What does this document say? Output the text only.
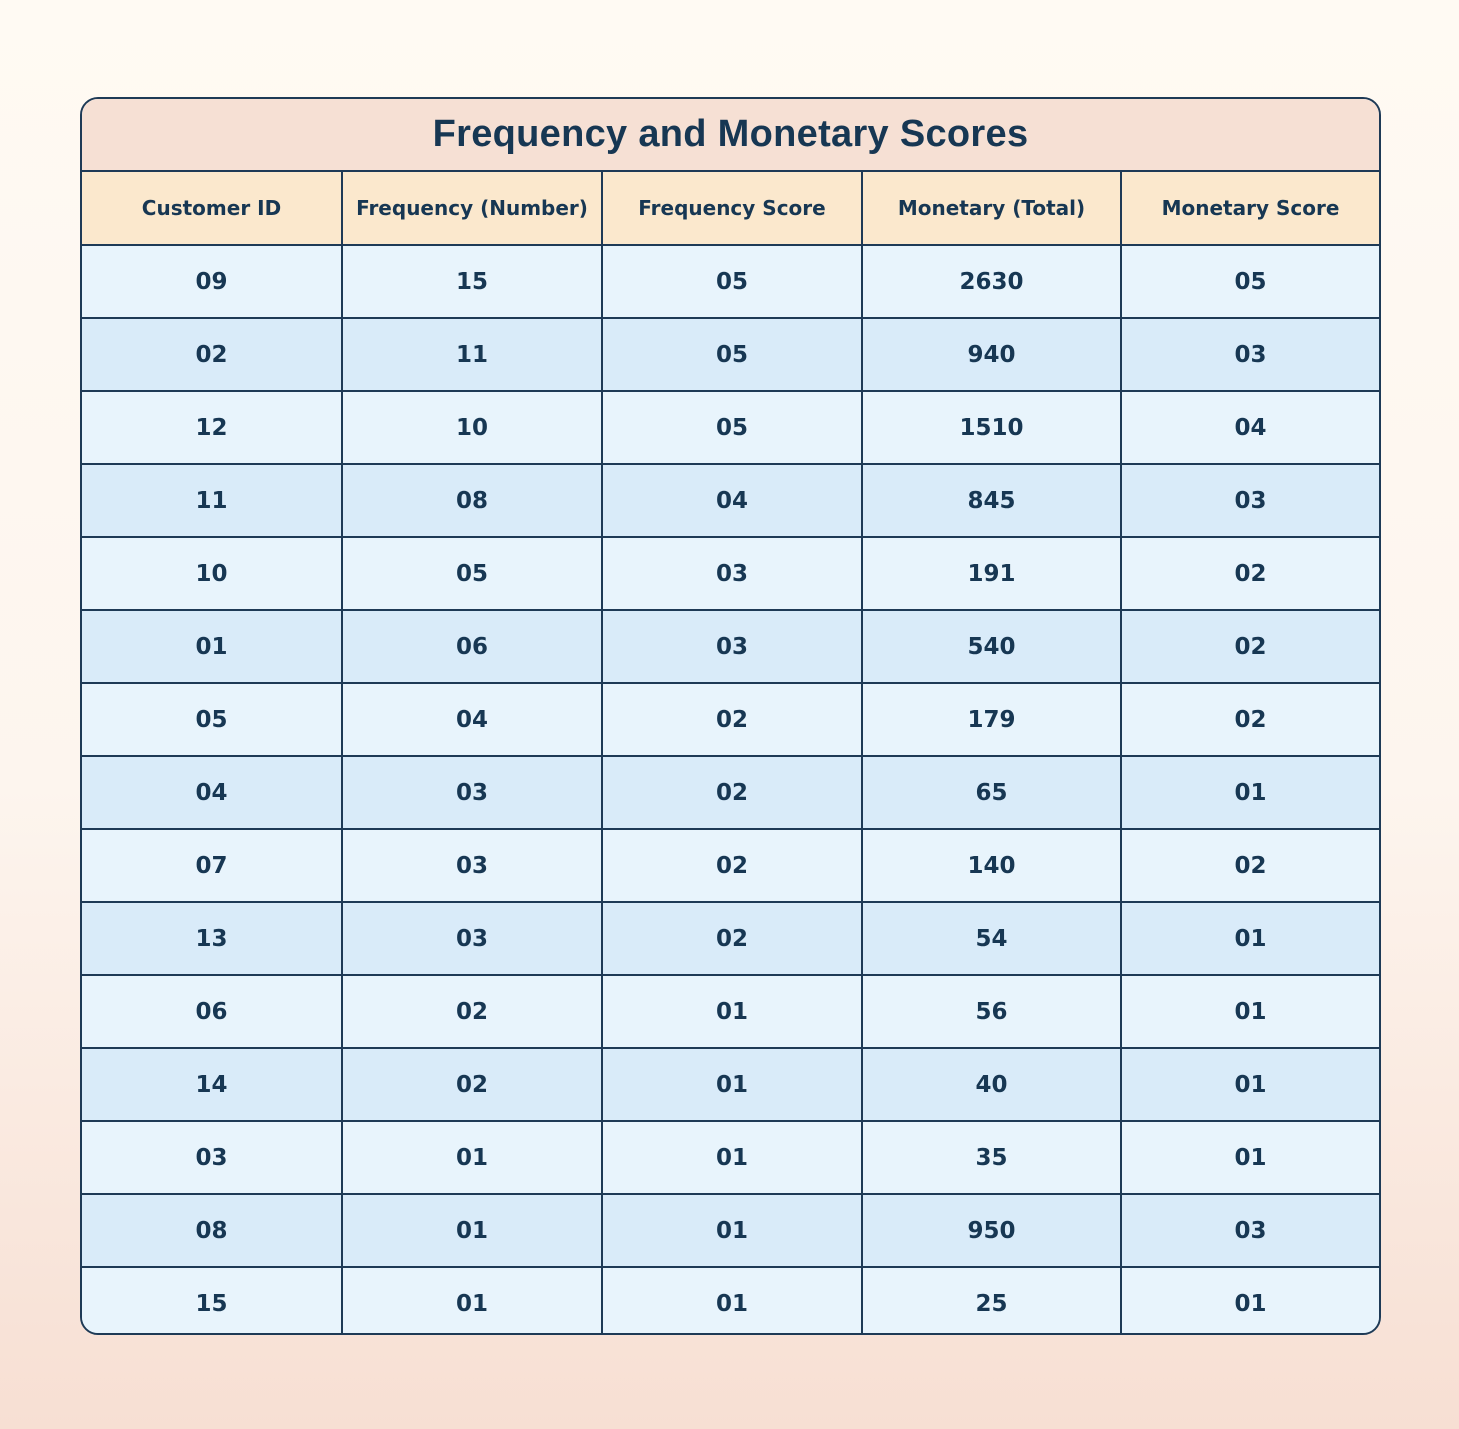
Frequency and Monetary Scores
Customer ID	Frequency (Number)	Frequency Score	Monetary (Total)	Monetary Score
09	15	05	2630	05
02	11	05	940	03
12	10	05	1510	04
11	08	04	845	03
10	05	03	191	02
01	06	03	540	02
05	04	02	179	02
04	03	02	65	01
07	03	02	140	02
13	03	02	54	01
06	02	01	56	01
14	02	01	40	01
03	01	01	35	01
08	01	01	950	03
15	01	01	25	01
